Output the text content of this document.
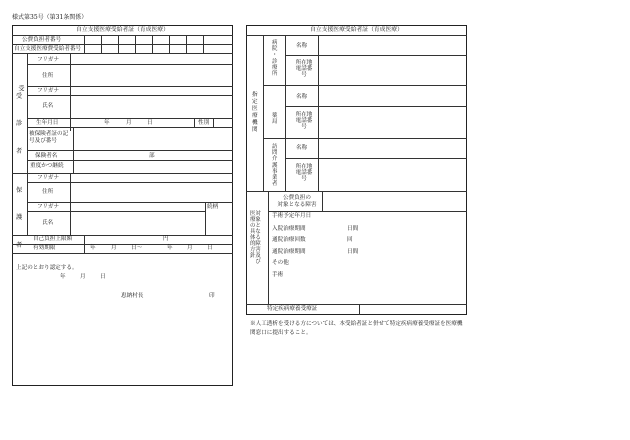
様式第35号（第31条関係）
自立支援医療受給者証（育成医療）
公費負担者番号
自立支援医療費受給者番号
受

受

診

者
フリガナ
住所
フリガナ
氏名
生年月日	年	月	日	性別
被保険者証の記号及び番号
保険者名	部
重度かつ継続
保

護

者
フリガナ
住所
フリガナ	続柄
氏名
自己負担上限額	円
有効期限	年	月	日～	年	月	日
上記のとおり認定する。
年	月	日
恵納村長	印
自立支援医療受給者証（育成医療）
指
定
医
療
機
関
病
院
・
診
療
所
名称
所在地
電話番
号
薬
局
名称
所在地
電話番
号
訪
問
介
護
事
業
者
名称
所在地
電話番
号
医対
療象
のと
具な
体る
的障
方害
針及
　び
公費負担の
対象となる障害
手術予定年月日
入院治療期間	日間
通院治療回数	回
通院治療期間	日間
その他
手術
特定疾病療養受療証
※人工透析を受ける方については、本受給者証と併せて特定疾病療養受療証を医療機関窓口に提出すること。
